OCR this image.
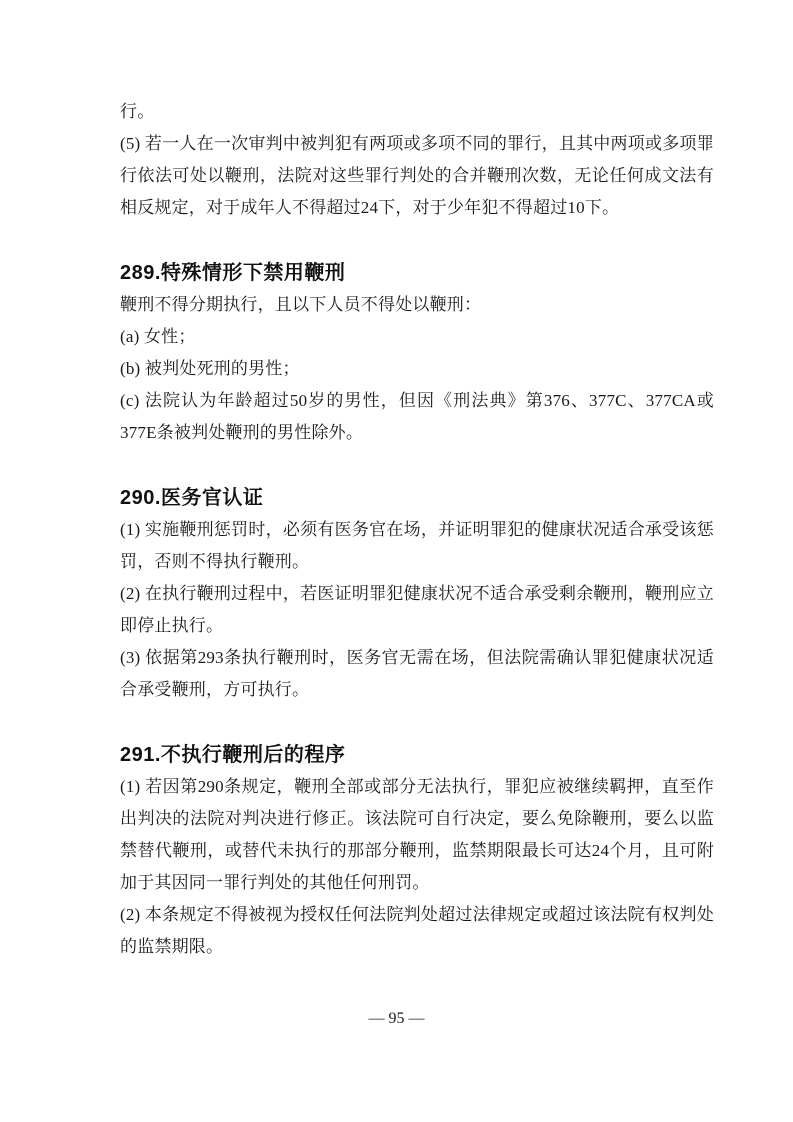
行。

(5) 若一人在一次审判中被判犯有两项或多项不同的罪行，且其中两项或多项罪行依法可处以鞭刑，法院对这些罪行判处的合并鞭刑次数，无论任何成文法有相反规定，对于成年人不得超过24下，对于少年犯不得超过10下。

289.特殊情形下禁用鞭刑

鞭刑不得分期执行，且以下人员不得处以鞭刑：

(a) 女性；

(b) 被判处死刑的男性；

(c) 法院认为年龄超过50岁的男性，但因《刑法典》第376、377C、377CA或377E条被判处鞭刑的男性除外。

290.医务官认证

(1) 实施鞭刑惩罚时，必须有医务官在场，并证明罪犯的健康状况适合承受该惩罚，否则不得执行鞭刑。

(2) 在执行鞭刑过程中，若医证明罪犯健康状况不适合承受剩余鞭刑，鞭刑应立即停止执行。

(3) 依据第293条执行鞭刑时，医务官无需在场，但法院需确认罪犯健康状况适合承受鞭刑，方可执行。

291.不执行鞭刑后的程序

(1) 若因第290条规定，鞭刑全部或部分无法执行，罪犯应被继续羁押，直至作出判决的法院对判决进行修正。该法院可自行决定，要么免除鞭刑，要么以监禁替代鞭刑，或替代未执行的那部分鞭刑，监禁期限最长可达24个月，且可附加于其因同一罪行判处的其他任何刑罚。

(2) 本条规定不得被视为授权任何法院判处超过法律规定或超过该法院有权判处的监禁期限。

— 95 —
